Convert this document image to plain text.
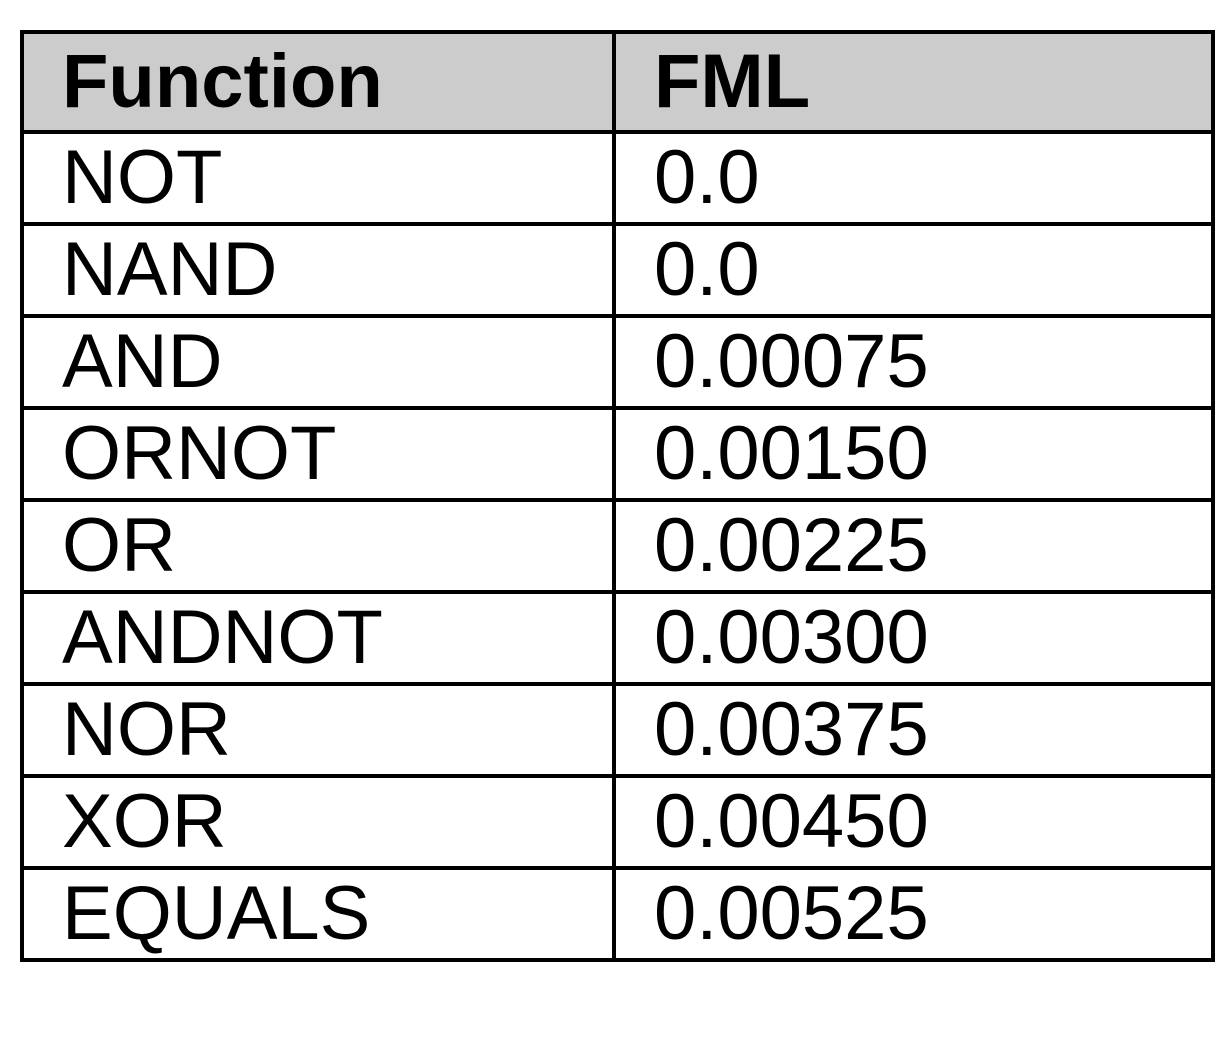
Function	FML
NOT	0.0
NAND	0.0
AND	0.00075
ORNOT	0.00150
OR	0.00225
ANDNOT	0.00300
NOR	0.00375
XOR	0.00450
EQUALS	0.00525
